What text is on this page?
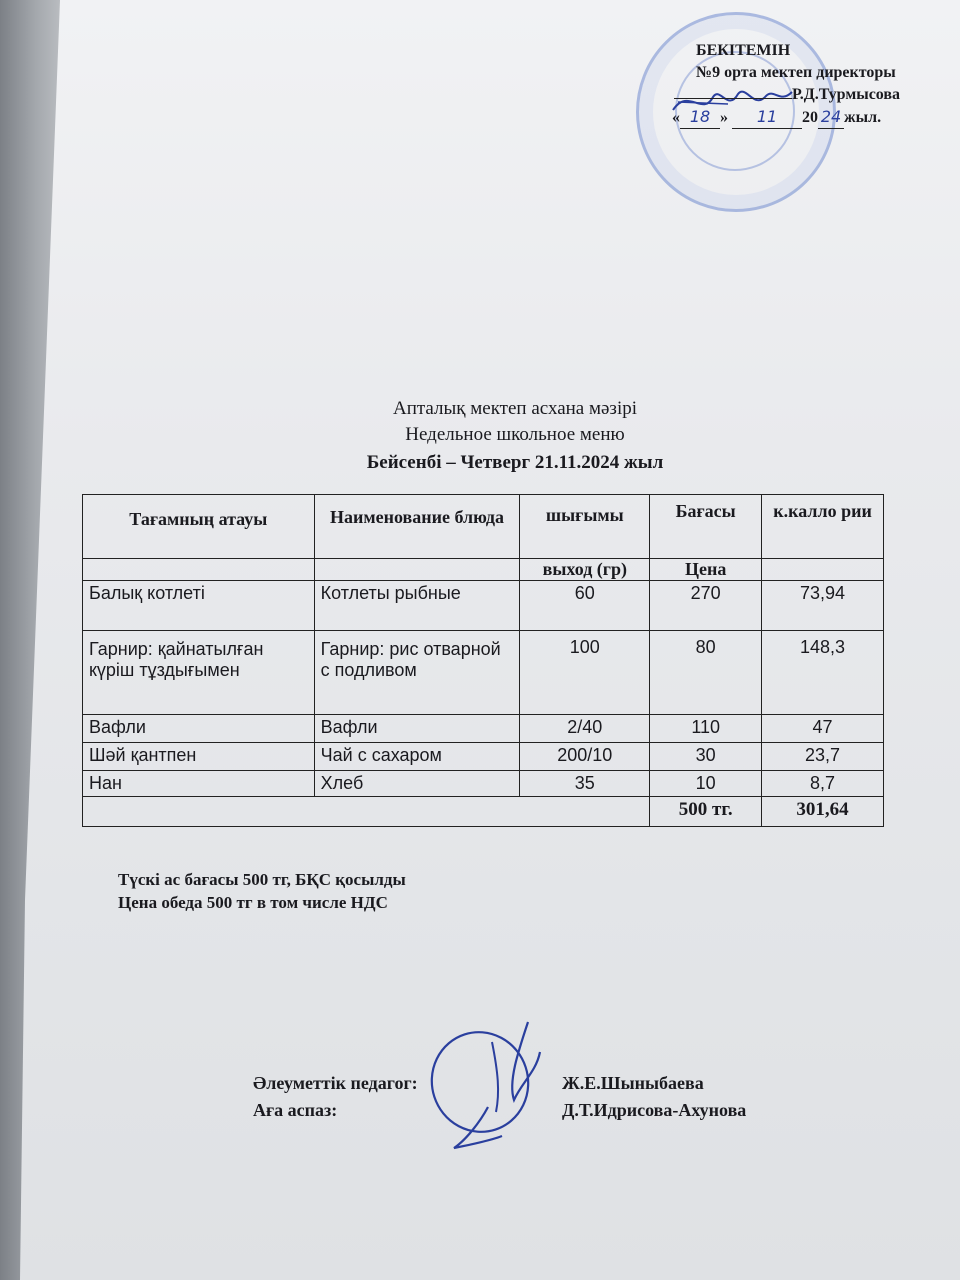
БЕКІТЕМІН
№9 орта мектеп директоры
Р.Д.Турмысова
« 18 » 11 20 24 жыл.
Апталық мектеп асхана мәзірі
Недельное школьное меню
Бейсенбі – Четверг 21.11.2024 жыл
Тағамның атауы	Наименование блюда	шығымы	Бағасы	к.калло рии
		выход (гр)	Цена	
Балық котлеті	Котлеты рыбные	60	270	73,94
Гарнир: қайнатылған күріш тұздығымен	Гарнир: рис отварной с подливом	100	80	148,3
Вафли	Вафли	2/40	110	47
Шәй қантпен	Чай с сахаром	200/10	30	23,7
Нан	Хлеб	35	10	8,7
			500 тг.	301,64
Түскі ас бағасы 500 тг, БҚС қосылды
Цена обеда 500 тг в том числе НДС
Әлеуметтік педагог:
Аға аспаз:
Ж.Е.Шыныбаева
Д.Т.Идрисова-Ахунова
